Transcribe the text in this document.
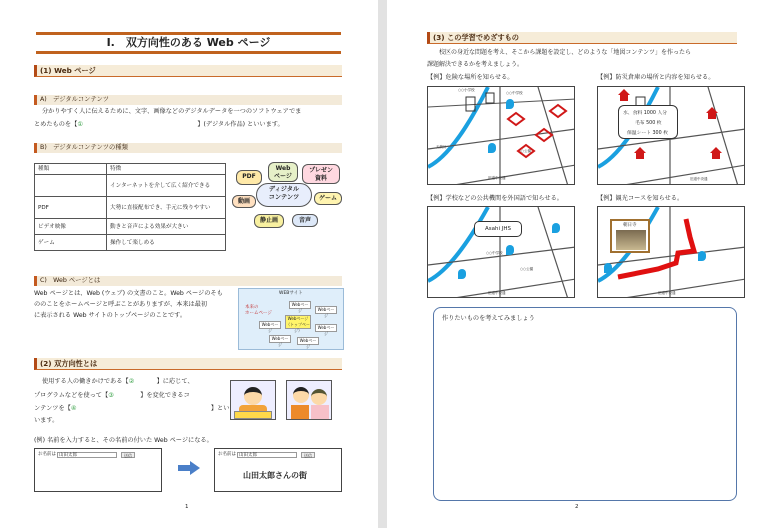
Ⅰ.　双方向性のある Web ページ
(1) Web ページ
A)　デジタルコンテンツ
分かりやすく人に伝えるために、文字、画像などのデジタルデータを一つのソフトウェアでま
とめたものを【①	】(デジタル作品) といいます。
B)　デジタルコンテンツの種類
種類	特徴
	インターネットを介して広く紹介できる
PDF	大勢に直接配布でき、手元に残りやすい
ビデオ映像	動きと音声による効果が大きい
ゲーム	操作して楽しめる
PDF
Web
ページ
プレゼン
資料
ディジタル
コンテンツ	ゲーム
音声
静止画
動画
C)　Web ページとは
Web ページとは、Web (ウェブ) の文書のこと。Web ページのそも
ののことをホームページと呼ぶことがありますが、本来は最初
に表示される Web サイトのトップページのことです。
WEBサイト
本来の
ホームページ
Webページ	Webページ
Webページ
Webページ
（トップページ）
Webページ
Webページ
Webページ
(2) 双方向性とは
使用する人の働きかけである【②	】に応じて、
プログラムなどを使って【③	】を変化できるコ
ンテンツを【④	】とい
います。
(例) 名前を入力すると、その名前の付いた Web ページになる。
お名前は 山田太郎	送信	お名前は 山田太郎	送信
山田太郎さんの街
1
(3) この学習でめざすもの
校区の身近な問題を考え、そこから課題を設定し、どのような「地図コンテンツ」を作ったら
課題解決できるかを考えましょう。
【例】危険な場所を知らせる。	【例】防災倉庫の場所と内容を知らせる。
【例】学校などの公共機関を外国語で知らせる。	【例】観光コースを知らせる。
○○小学校
○○中学校
天狗川
○○公園
旧道中央通
水、食料 1000 人分
毛布 500 枚
保温シート 300 枚
旧道中央通
Asahi JHS
○○中学校
○○公園
旧道中央通
朝日寺
旧道中央通
作りたいものを考えてみましょう
2
